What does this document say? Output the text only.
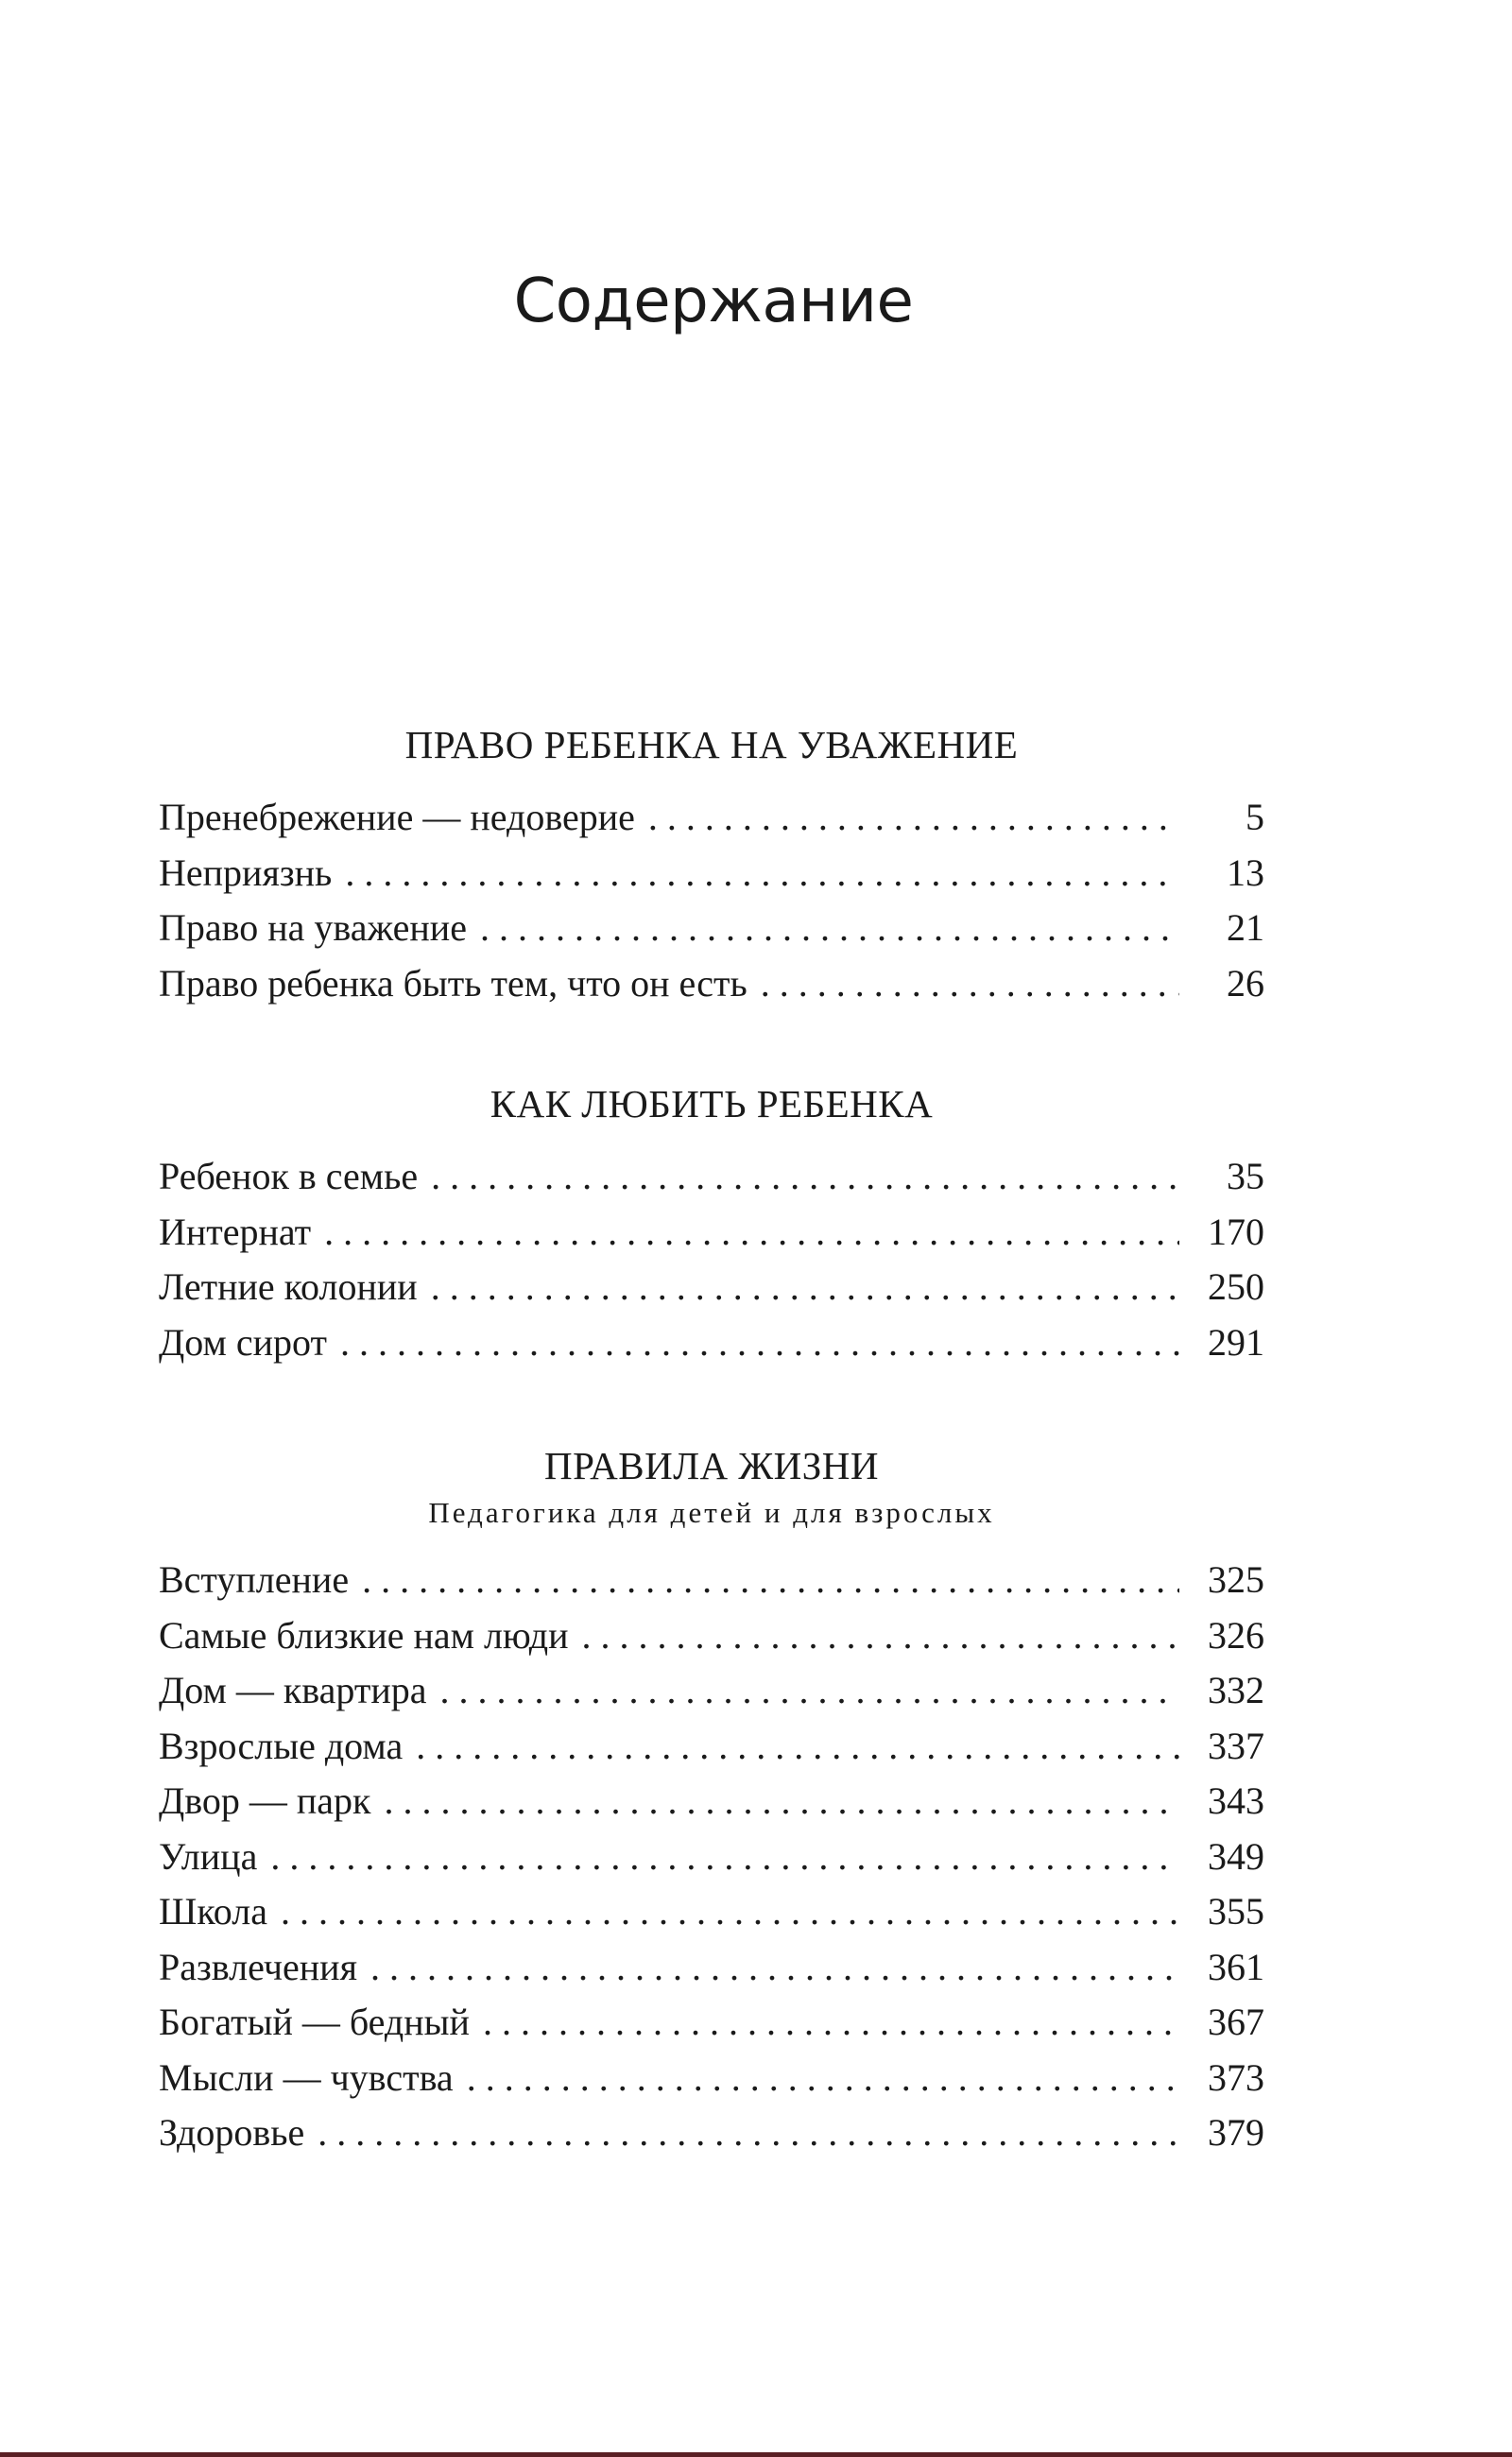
Содержание
ПРАВО РЕБЕНКА НА УВАЖЕНИЕ
Пренебрежение — недоверие . . .	5
Неприязнь . . .	13
Право на уважение . . .	21
Право ребенка быть тем, что он есть . . .	26
КАК ЛЮБИТЬ РЕБЕНКА
Ребенок в семье . . .	35
Интернат . . .	170
Летние колонии . . .	250
Дом сирот . . .	291
ПРАВИЛА ЖИЗНИ
Педагогика для детей и для взрослых
Вступление . . .	325
Самые близкие нам люди . . .	326
Дом — квартира . . .	332
Взрослые дома . . .	337
Двор — парк . . .	343
Улица . . .	349
Школа . . .	355
Развлечения . . .	361
Богатый — бедный . . .	367
Мысли — чувства . . .	373
Здоровье . . .	379
